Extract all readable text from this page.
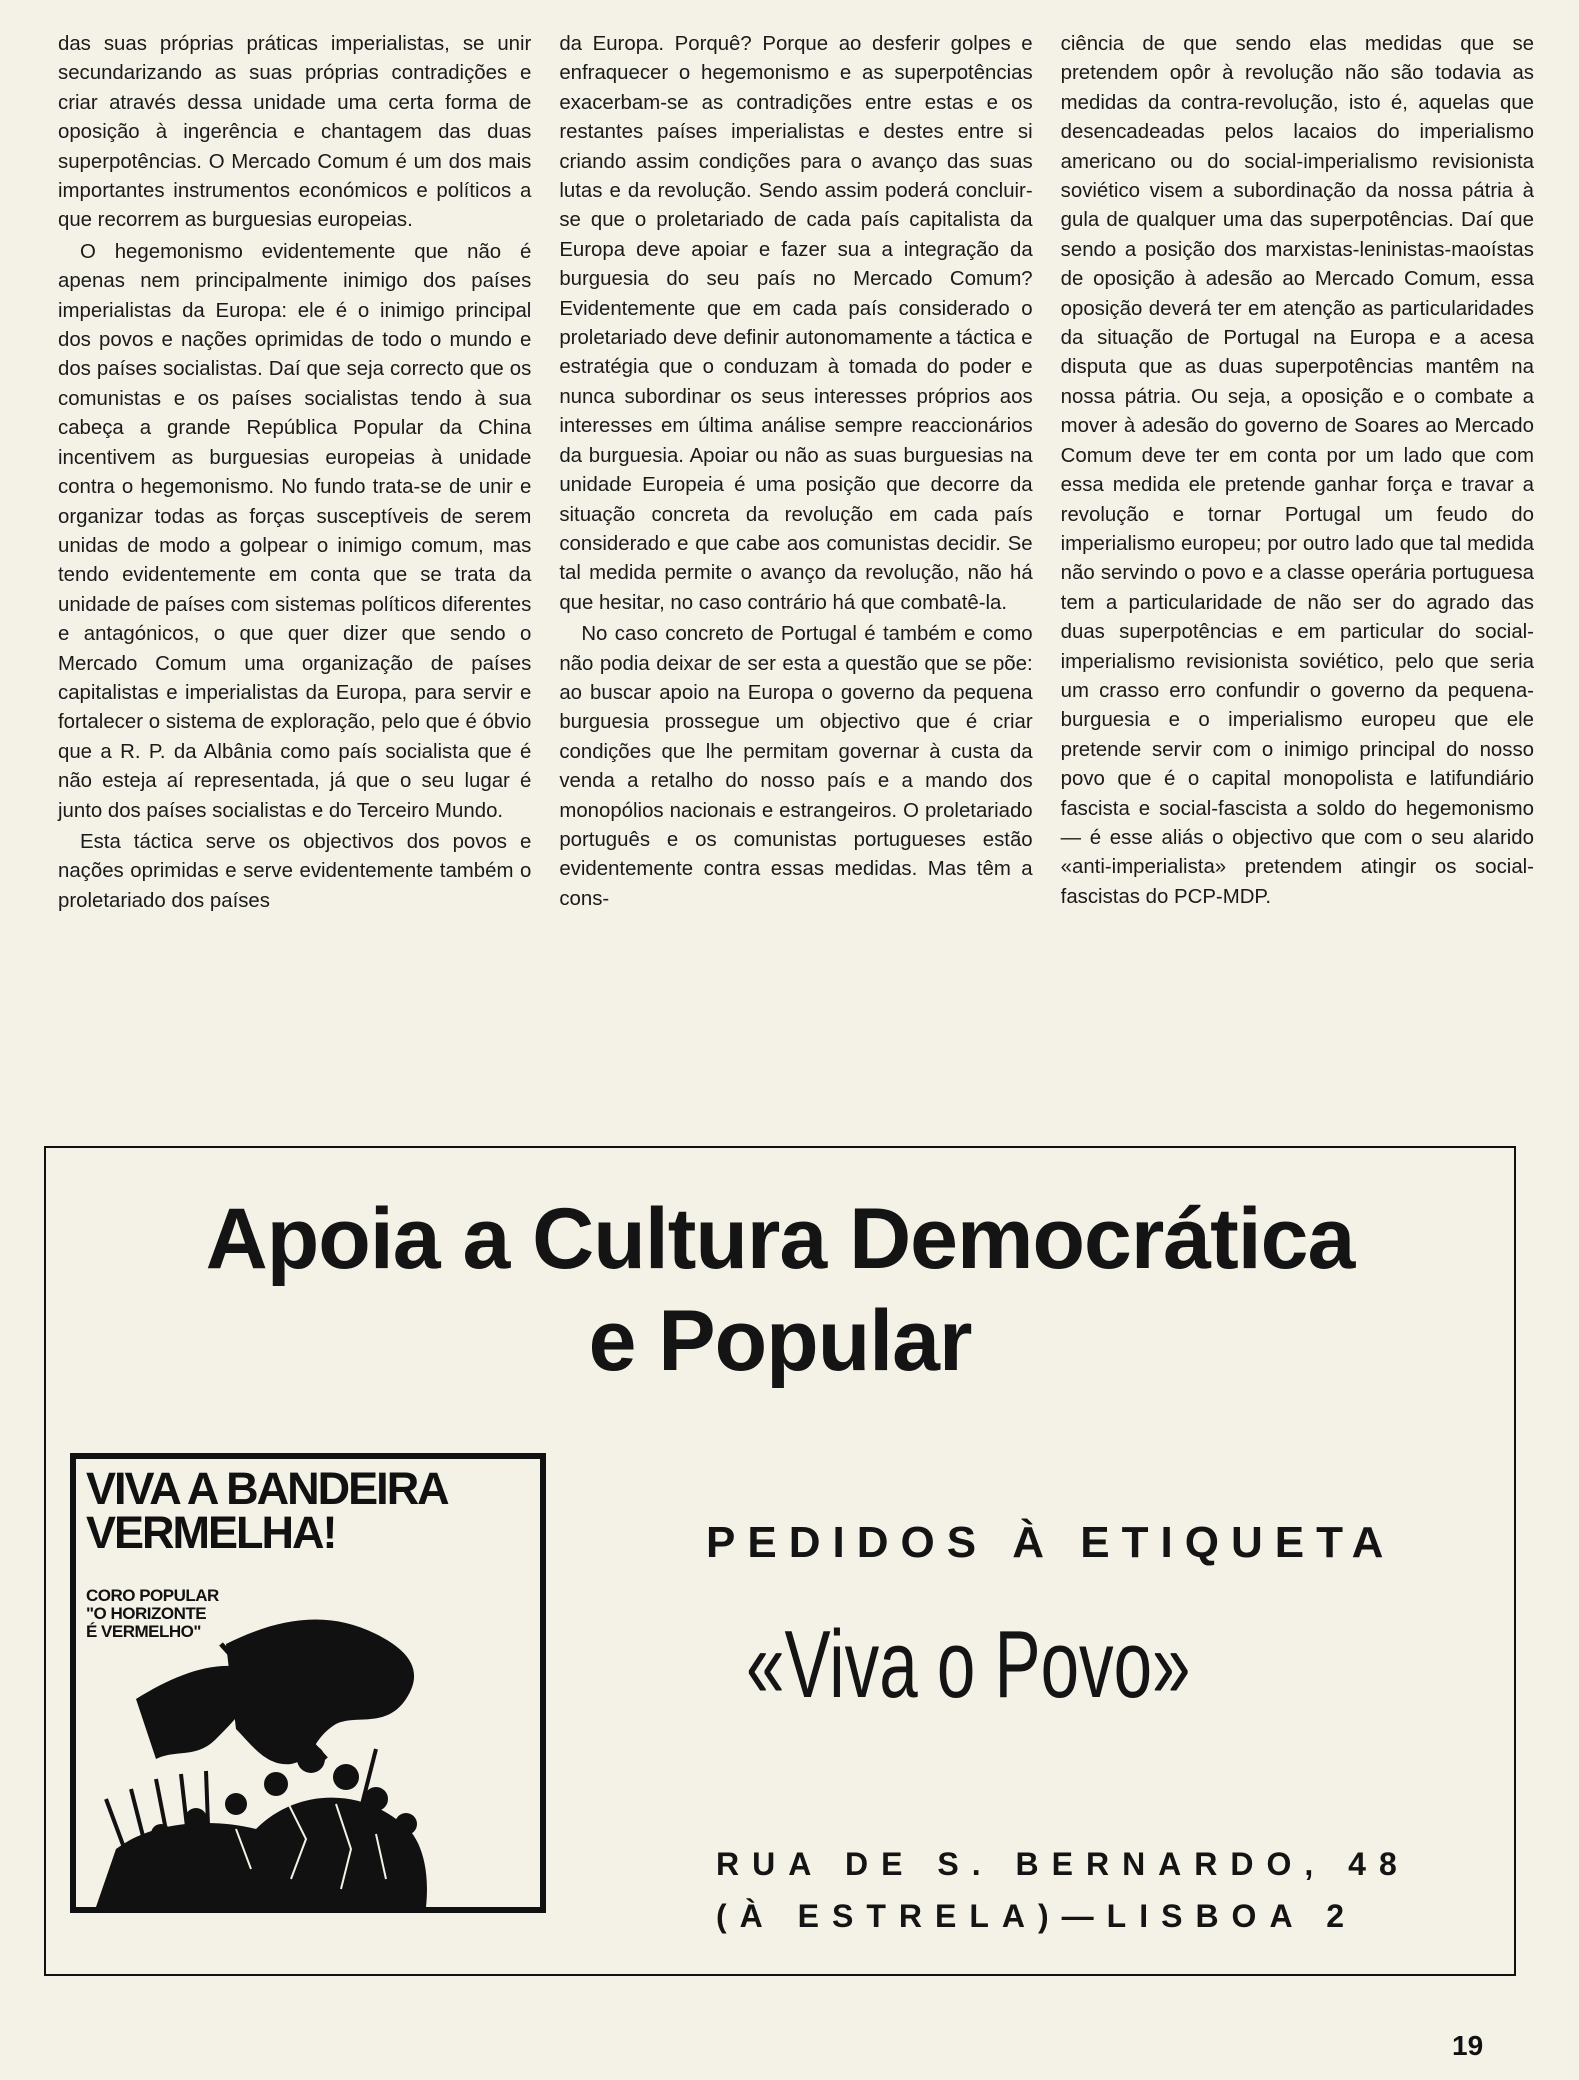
das suas próprias práticas imperialistas, se unir secundarizando as suas próprias contradições e criar através dessa unidade uma certa forma de oposição à ingerência e chantagem das duas superpotências. O Mercado Comum é um dos mais importantes instrumentos económicos e políticos a que recorrem as burguesias europeias.

O hegemonismo evidentemente que não é apenas nem principalmente inimigo dos países imperialistas da Europa: ele é o inimigo principal dos povos e nações oprimidas de todo o mundo e dos países socialistas. Daí que seja correcto que os comunistas e os países socialistas tendo à sua cabeça a grande República Popular da China incentivem as burguesias europeias à unidade contra o hegemonismo. No fundo trata-se de unir e organizar todas as forças susceptíveis de serem unidas de modo a golpear o inimigo comum, mas tendo evidentemente em conta que se trata da unidade de países com sistemas políticos diferentes e antagónicos, o que quer dizer que sendo o Mercado Comum uma organização de países capitalistas e imperialistas da Europa, para servir e fortalecer o sistema de exploração, pelo que é óbvio que a R. P. da Albânia como país socialista que é não esteja aí representada, já que o seu lugar é junto dos países socialistas e do Terceiro Mundo.

Esta táctica serve os objectivos dos povos e nações oprimidas e serve evidentemente também o proletariado dos países

da Europa. Porquê? Porque ao desferir golpes e enfraquecer o hegemonismo e as superpotências exacerbam-se as contradições entre estas e os restantes países imperialistas e destes entre si criando assim condições para o avanço das suas lutas e da revolução. Sendo assim poderá concluir-se que o proletariado de cada país capitalista da Europa deve apoiar e fazer sua a integração da burguesia do seu país no Mercado Comum? Evidentemente que em cada país considerado o proletariado deve definir autonomamente a táctica e estratégia que o conduzam à tomada do poder e nunca subordinar os seus interesses próprios aos interesses em última análise sempre reaccionários da burguesia. Apoiar ou não as suas burguesias na unidade Europeia é uma posição que decorre da situação concreta da revolução em cada país considerado e que cabe aos comunistas decidir. Se tal medida permite o avanço da revolução, não há que hesitar, no caso contrário há que combatê-la.

No caso concreto de Portugal é também e como não podia deixar de ser esta a questão que se põe: ao buscar apoio na Europa o governo da pequena burguesia prossegue um objectivo que é criar condições que lhe permitam governar à custa da venda a retalho do nosso país e a mando dos monopólios nacionais e estrangeiros. O proletariado português e os comunistas portugueses estão evidentemente contra essas medidas. Mas têm a cons-

ciência de que sendo elas medidas que se pretendem opôr à revolução não são todavia as medidas da contra-revolução, isto é, aquelas que desencadeadas pelos lacaios do imperialismo americano ou do social-imperialismo revisionista soviético visem a subordinação da nossa pátria à gula de qualquer uma das superpotências. Daí que sendo a posição dos marxistas-leninistas-maoístas de oposição à adesão ao Mercado Comum, essa oposição deverá ter em atenção as particularidades da situação de Portugal na Europa e a acesa disputa que as duas superpotências mantêm na nossa pátria. Ou seja, a oposição e o combate a mover à adesão do governo de Soares ao Mercado Comum deve ter em conta por um lado que com essa medida ele pretende ganhar força e travar a revolução e tornar Portugal um feudo do imperialismo europeu; por outro lado que tal medida não servindo o povo e a classe operária portuguesa tem a particularidade de não ser do agrado das duas superpotências e em particular do social-imperialismo revisionista soviético, pelo que seria um crasso erro confundir o governo da pequena-burguesia e o imperialismo europeu que ele pretende servir com o inimigo principal do nosso povo que é o capital monopolista e latifundiário fascista e social-fascista a soldo do hegemonismo — é esse aliás o objectivo que com o seu alarido «anti-imperialista» pretendem atingir os social-fascistas do PCP-MDP.

Apoia a Cultura Democrática
e Popular
VIVA A BANDEIRA
VERMELHA!
CORO POPULAR
"O HORIZONTE
É VERMELHO"
PEDIDOS À ETIQUETA
«Viva o Povo»
RUA DE S. BERNARDO, 48
(À ESTRELA)—LISBOA 2
19
